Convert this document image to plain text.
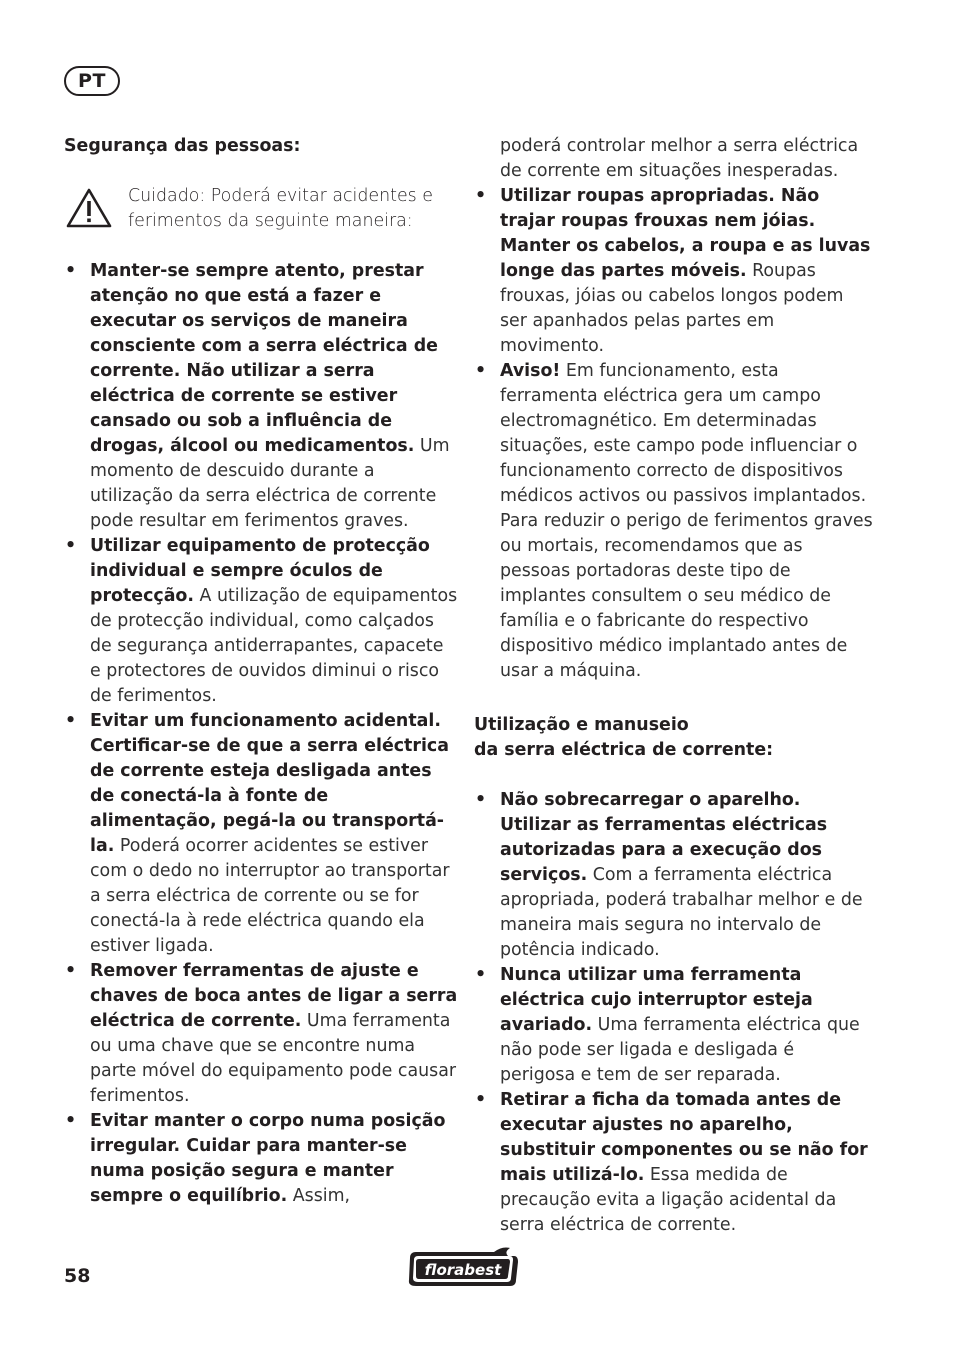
PT

Segurança das pessoas:

Cuidado: Poderá evitar acidentes e ferimentos da seguinte maneira:
• Manter-se sempre atento, prestar atenção no que está a fazer e executar os serviços de maneira consciente com a serra eléctrica de corrente. Não utilizar a serra eléctrica de corrente se estiver cansado ou sob a influência de drogas, álcool ou medicamentos. Um momento de descuido durante a utilização da serra eléctrica de corrente pode resultar em ferimentos graves.
• Utilizar equipamento de protecção individual e sempre óculos de protecção. A utilização de equipamentos de protecção individual, como calçados de segurança antiderrapantes, capacete e protectores de ouvidos diminui o risco de ferimentos.
• Evitar um funcionamento acidental. Certificar-se de que a serra eléctrica de corrente esteja desligada antes de conectá-la à fonte de alimentação, pegá-la ou transportá-la. Poderá ocorrer acidentes se estiver com o dedo no interruptor ao transportar a serra eléctrica de corrente ou se for conectá-la à rede eléctrica quando ela estiver ligada.
• Remover ferramentas de ajuste e chaves de boca antes de ligar a serra eléctrica de corrente. Uma ferramenta ou uma chave que se encontre numa parte móvel do equipamento pode causar ferimentos.
• Evitar manter o corpo numa posição irregular. Cuidar para manter-se numa posição segura e manter sempre o equilíbrio. Assim,
poderá controlar melhor a serra eléctrica de corrente em situações inesperadas.
• Utilizar roupas apropriadas. Não trajar roupas frouxas nem jóias. Manter os cabelos, a roupa e as luvas longe das partes móveis. Roupas frouxas, jóias ou cabelos longos podem ser apanhados pelas partes em movimento.
• Aviso! Em funcionamento, esta ferramenta eléctrica gera um campo electromagnético. Em determinadas situações, este campo pode influenciar o funcionamento correcto de dispositivos médicos activos ou passivos implantados. Para reduzir o perigo de ferimentos graves ou mortais, recomendamos que as pessoas portadoras deste tipo de implantes consultem o seu médico de família e o fabricante do respectivo dispositivo médico implantado antes de usar a máquina.

Utilização e manuseio
da serra eléctrica de corrente:

• Não sobrecarregar o aparelho. Utilizar as ferramentas eléctricas autorizadas para a execução dos serviços. Com a ferramenta eléctrica apropriada, poderá trabalhar melhor e de maneira mais segura no intervalo de potência indicado.
• Nunca utilizar uma ferramenta eléctrica cujo interruptor esteja avariado. Uma ferramenta eléctrica que não pode ser ligada e desligada é perigosa e tem de ser reparada.
• Retirar a ficha da tomada antes de executar ajustes no aparelho, substituir componentes ou se não for mais utilizá-lo. Essa medida de precaução evita a ligação acidental da serra eléctrica de corrente.
58	florabest
